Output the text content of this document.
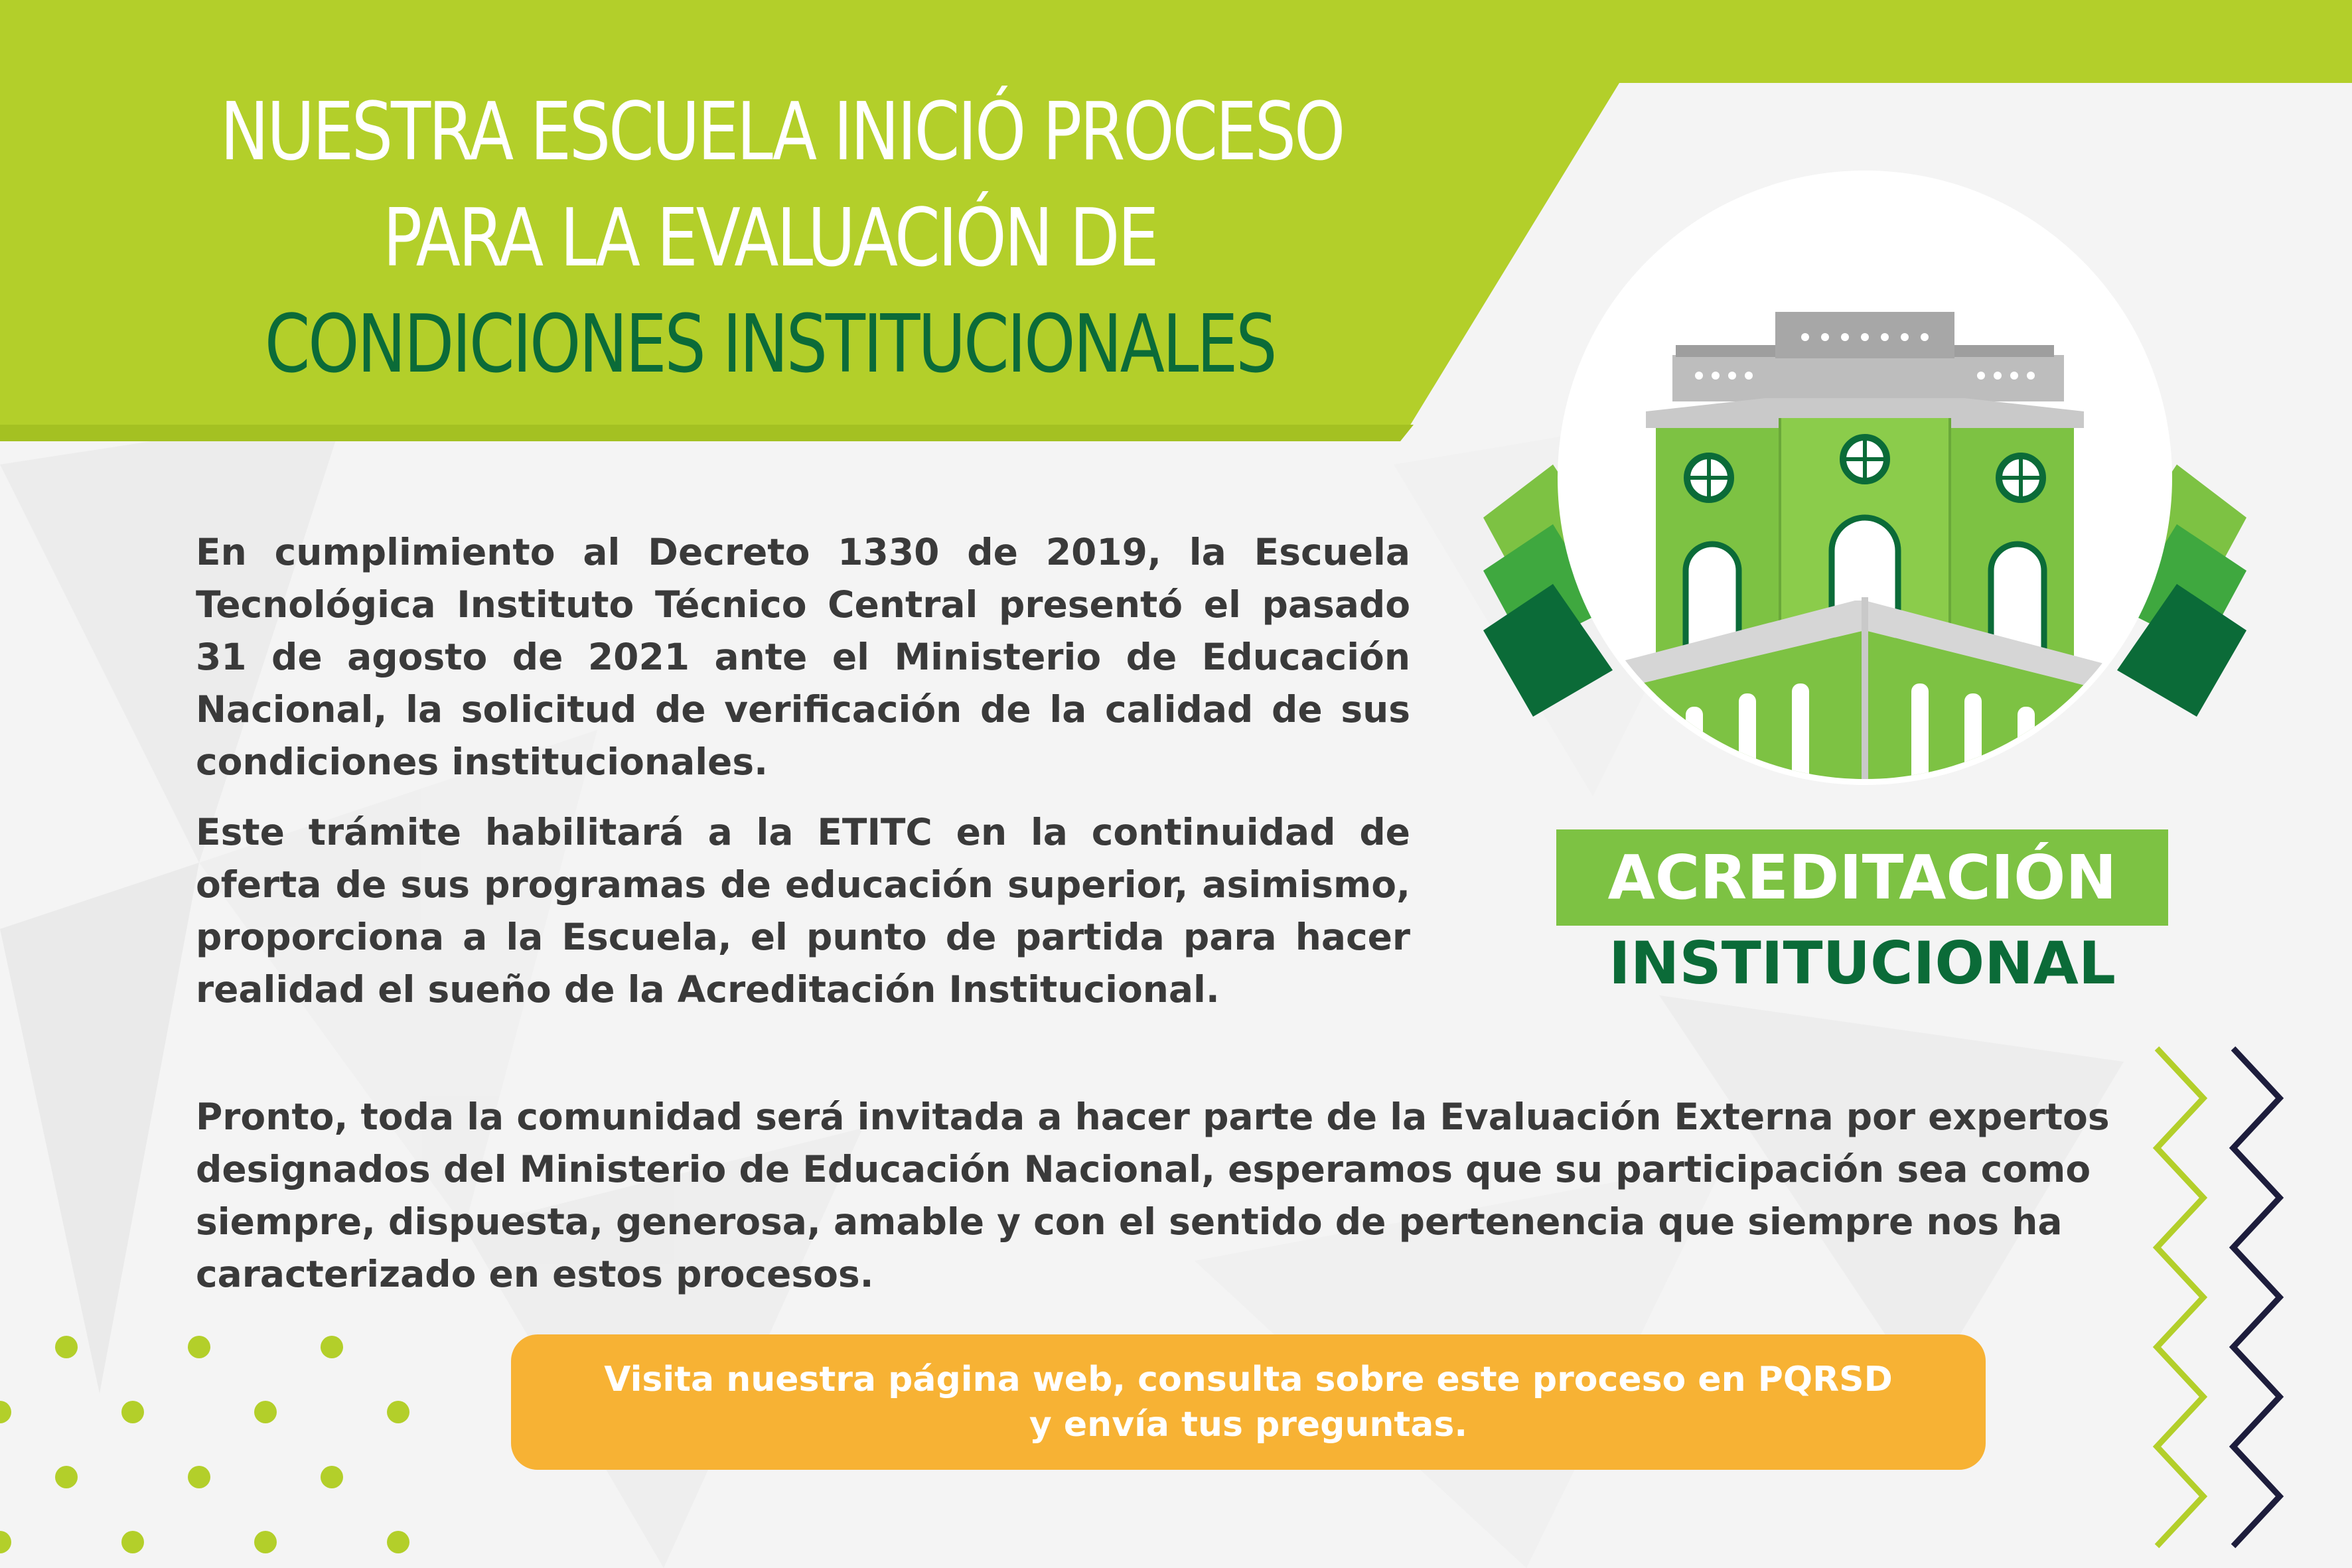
NUESTRA ESCUELA INICIÓ PROCESO
PARA LA EVALUACIÓN DE
CONDICIONES INSTITUCIONALES

En cumplimiento al Decreto 1330 de 2019, la Escuela Tecnológica Instituto Técnico Central presentó el pasado 31 de agosto de 2021 ante el Ministerio de Educación Nacional, la solicitud de verificación de la calidad de sus condiciones institucionales.

Este trámite habilitará a la ETITC en la continuidad de oferta de sus programas de educación superior, asimismo, proporciona a la Escuela, el punto de partida para hacer realidad el sueño de la Acreditación Institucional.

Pronto, toda la comunidad será invitada a hacer parte de la Evaluación Externa por expertos designados del Ministerio de Educación Nacional, esperamos que su participación sea como siempre, dispuesta, generosa, amable y con el sentido de pertenencia que siempre nos ha caracterizado en estos procesos.

ACREDITACIÓN
INSTITUCIONAL
Visita nuestra página web, consulta sobre este proceso en PQRSD
y envía tus preguntas.
